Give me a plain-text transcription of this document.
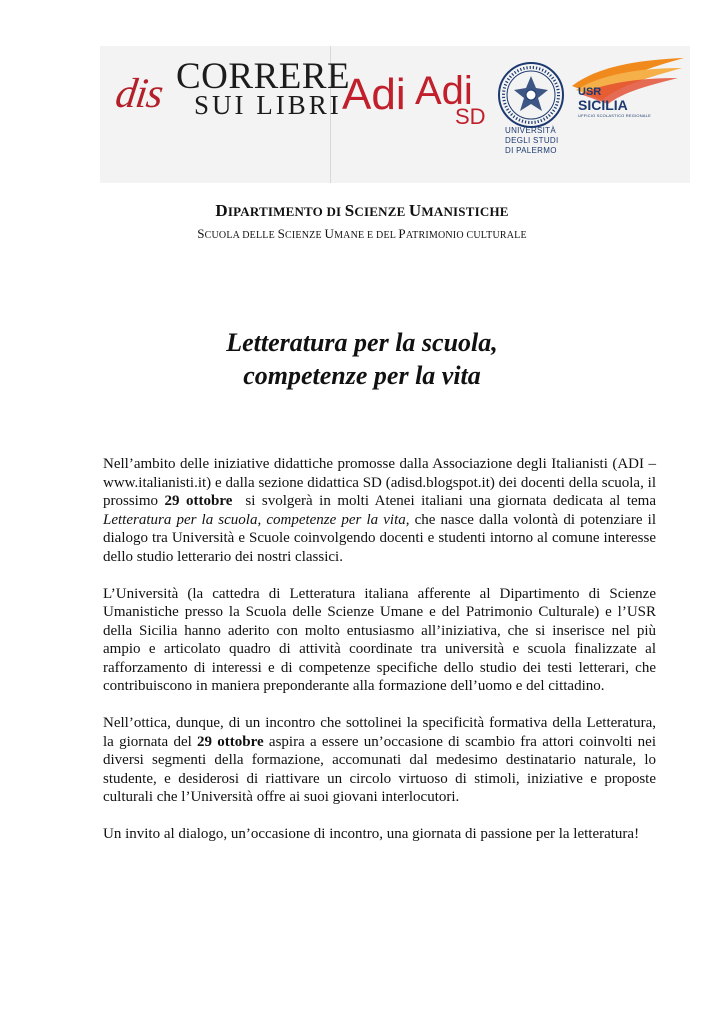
dis CORRERE
SUI LIBRI Adi Adi
SD
UNIVERSITÀ
DEGLI STUDI
DI PALERMO
USR
SICILIA
UFFICIO SCOLASTICO REGIONALE
DIPARTIMENTO DI SCIENZE UMANISTICHE
SCUOLA DELLE SCIENZE UMANE E DEL PATRIMONIO CULTURALE
Letteratura per la scuola,
competenze per la vita

Nell’ambito delle iniziative didattiche promosse dalla Associazione degli Italianisti (ADI – www.italianisti.it) e dalla sezione didattica SD (adisd.blogspot.it) dei docenti della scuola, il prossimo 29 ottobre  si svolgerà in molti Atenei italiani una giornata dedicata al tema Letteratura per la scuola, competenze per la vita, che nasce dalla volontà di potenziare il dialogo tra Università e Scuole coinvolgendo docenti e studenti intorno al comune interesse dello studio letterario dei nostri classici.

L’Università (la cattedra di Letteratura italiana afferente al Dipartimento di Scienze Umanistiche presso la Scuola delle Scienze Umane e del Patrimonio Culturale) e l’USR della Sicilia hanno aderito con molto entusiasmo all’iniziativa, che si inserisce nel più ampio e articolato quadro di attività coordinate tra università e scuola finalizzate al rafforzamento di interessi e di competenze specifiche dello studio dei testi letterari, che contribuiscono in maniera preponderante alla formazione dell’uomo e del cittadino.

Nell’ottica, dunque, di un incontro che sottolinei la specificità formativa della Letteratura, la giornata del 29 ottobre aspira a essere un’occasione di scambio fra attori coinvolti nei diversi segmenti della formazione, accomunati dal medesimo destinatario naturale, lo studente, e desiderosi di riattivare un circolo virtuoso di stimoli, iniziative e proposte culturali che l’Università offre ai suoi giovani interlocutori.

Un invito al dialogo, un’occasione di incontro, una giornata di passione per la letteratura!
